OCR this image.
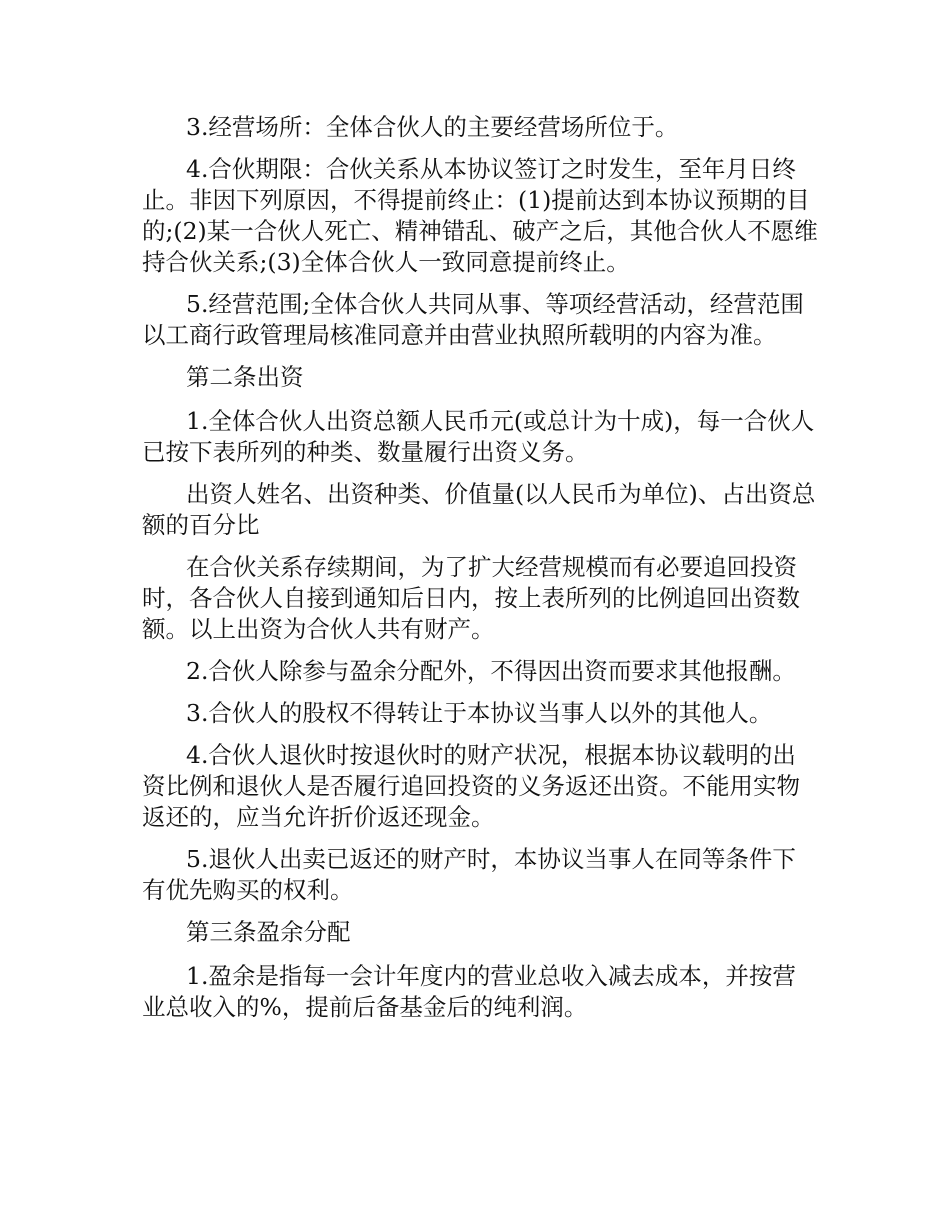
3.经营场所：全体合伙人的主要经营场所位于。

4.合伙期限：合伙关系从本协议签订之时发生，至年月日终止。非因下列原因，不得提前终止：(1)提前达到本协议预期的目的;(2)某一合伙人死亡、精神错乱、破产之后，其他合伙人不愿维持合伙关系;(3)全体合伙人一致同意提前终止。

5.经营范围;全体合伙人共同从事、等项经营活动，经营范围以工商行政管理局核准同意并由营业执照所载明的内容为准。

第二条出资

1.全体合伙人出资总额人民币元(或总计为十成)，每一合伙人已按下表所列的种类、数量履行出资义务。

出资人姓名、出资种类、价值量(以人民币为单位)、占出资总额的百分比

在合伙关系存续期间，为了扩大经营规模而有必要追回投资时，各合伙人自接到通知后日内，按上表所列的比例追回出资数额。以上出资为合伙人共有财产。

2.合伙人除参与盈余分配外，不得因出资而要求其他报酬。

3.合伙人的股权不得转让于本协议当事人以外的其他人。

4.合伙人退伙时按退伙时的财产状况，根据本协议载明的出资比例和退伙人是否履行追回投资的义务返还出资。不能用实物返还的，应当允许折价返还现金。

5.退伙人出卖已返还的财产时，本协议当事人在同等条件下有优先购买的权利。

第三条盈余分配

1.盈余是指每一会计年度内的营业总收入减去成本，并按营业总收入的%，提前后备基金后的纯利润。
